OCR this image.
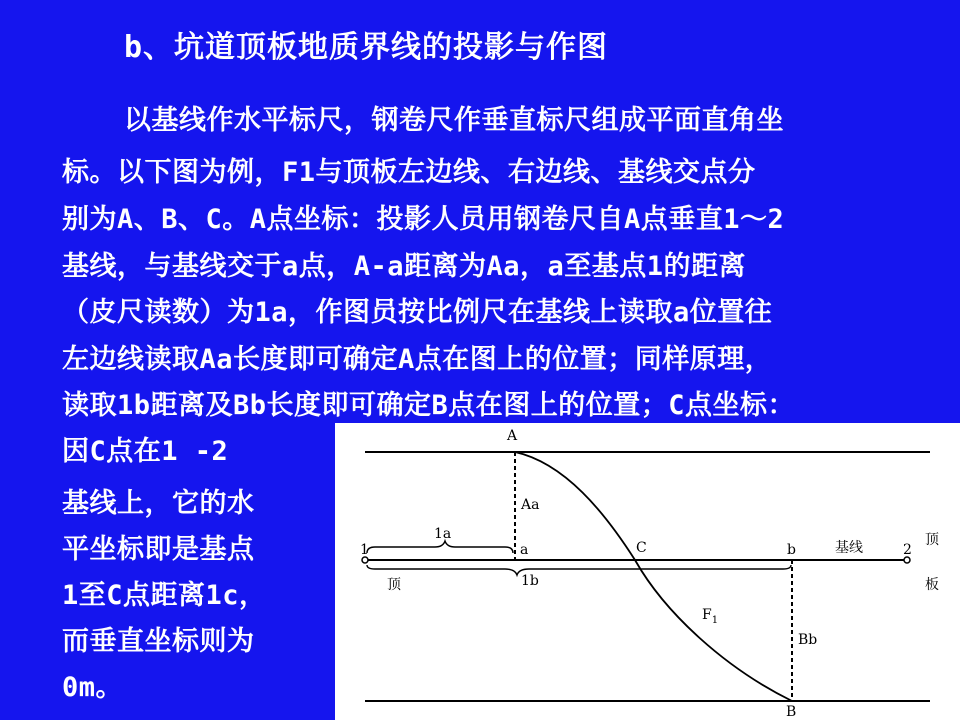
b、坑道顶板地质界线的投影与作图
以基线作水平标尺，钢卷尺作垂直标尺组成平面直角坐
标。以下图为例，F1与顶板左边线、右边线、基线交点分
别为A、B、C。A点坐标：投影人员用钢卷尺自A点垂直1～2
基线，与基线交于a点，A-a距离为Aa，a至基点1的距离
（皮尺读数）为1a，作图员按比例尺在基线上读取a位置往
左边线读取Aa长度即可确定A点在图上的位置；同样原理，
读取1b距离及Bb长度即可确定B点在图上的位置；C点坐标：
因C点在1 -2
基线上，它的水
平坐标即是基点
1至C点距离1c，
而垂直坐标则为
0m。
A
B
C
a	b
Aa
Bb
1a
1b
$F_1$
1	2
基线
顶
顶
板
